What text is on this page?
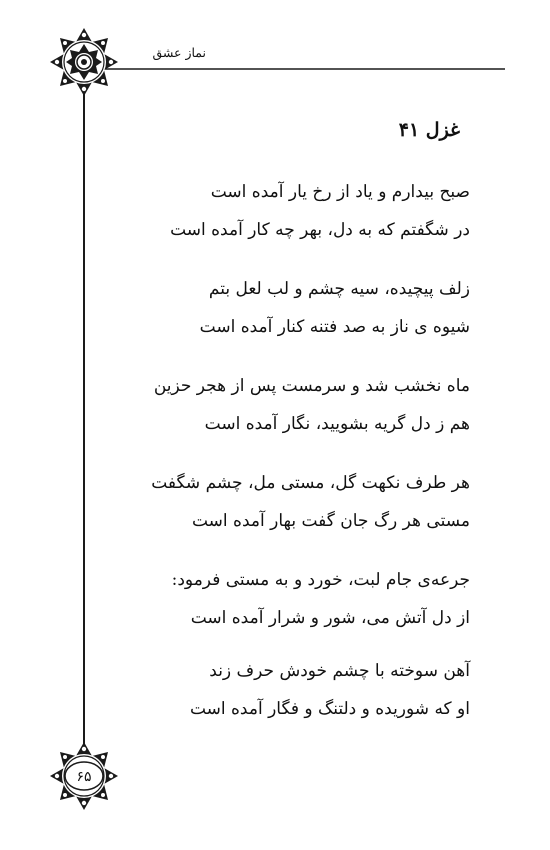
نماز عشق
غزل ۴۱
صبح بیدارم و یاد از رخ یار آمده است
در شگفتم که به دل، بهر چه کار آمده است
زلف پیچیده، سیه چشم و لب لعل بتم
شیوه ی ناز به صد فتنه کنار آمده است
ماه نخشب شد و سرمست پس از هجر حزین
هم ز دل گریه بشویید، نگار آمده است
هر طرف نکهت گل، مستی مل، چشم شگفت
مستی هر رگ جان گفت بهار آمده است
جرعه‌ی جام لبت، خورد و به مستی فرمود:
از دل آتش می، شور و شرار آمده است
آهن سوخته با چشم خودش حرف زند
او که شوریده و دلتنگ و فگار آمده است
۶۵
